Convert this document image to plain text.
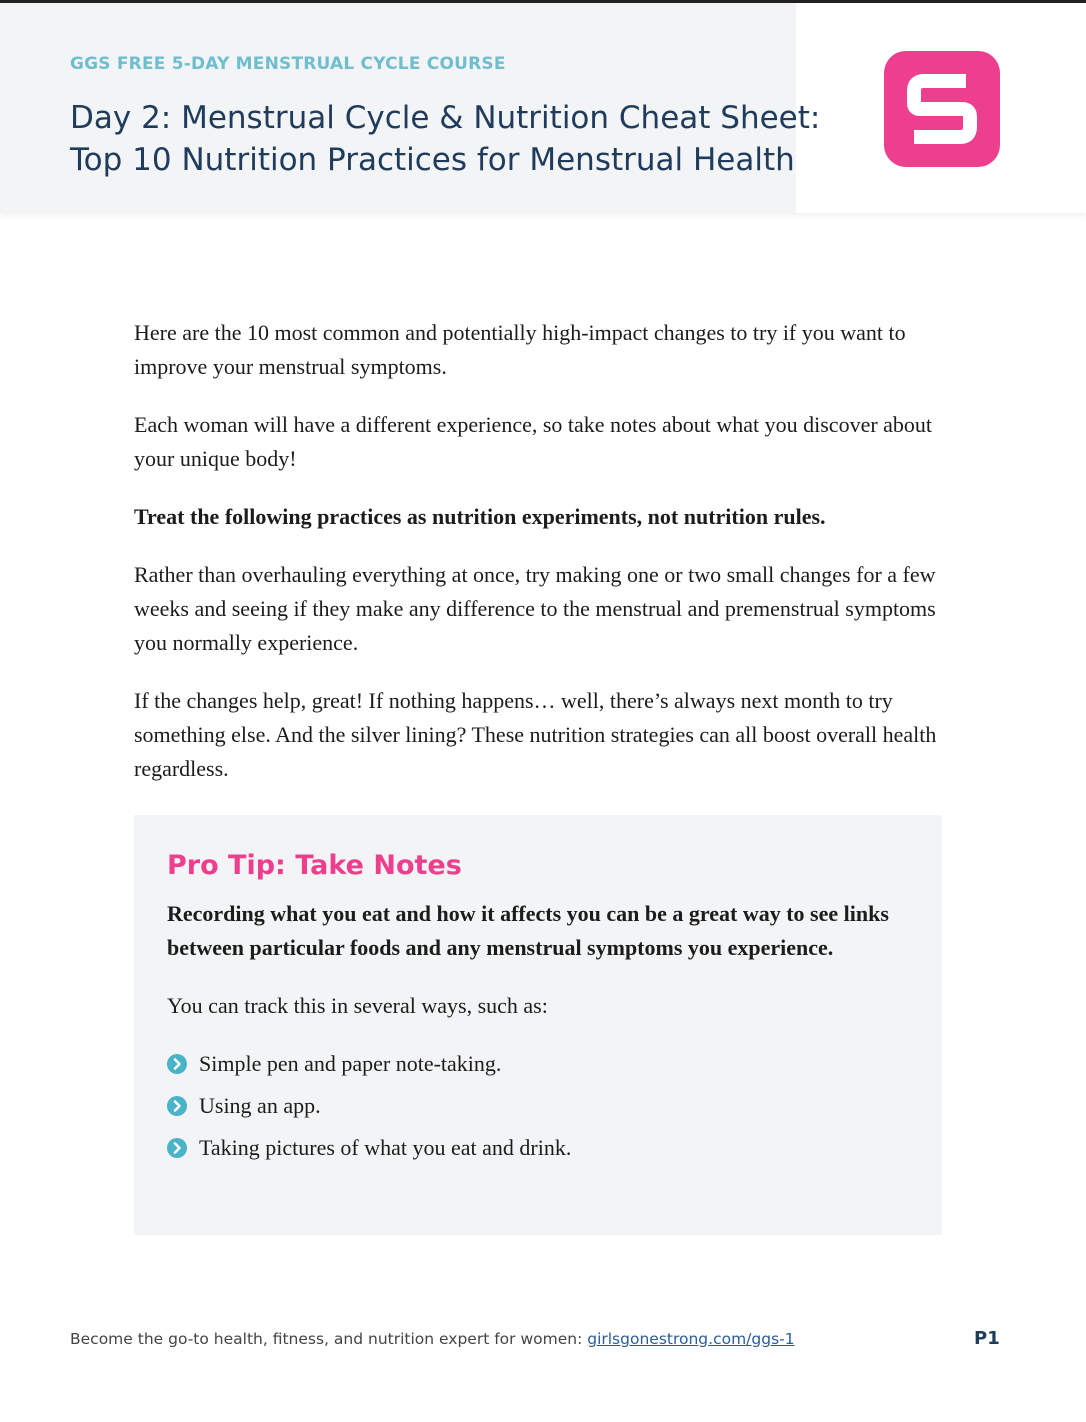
GGS FREE 5-DAY MENSTRUAL CYCLE COURSE
Day 2: Menstrual Cycle & Nutrition Cheat Sheet:
Top 10 Nutrition Practices for Menstrual Health

Here are the 10 most common and potentially high-impact changes to try if you want to improve your menstrual symptoms.

Each woman will have a different experience, so take notes about what you discover about your unique body!

Treat the following practices as nutrition experiments, not nutrition rules.

Rather than overhauling everything at once, try making one or two small changes for a few weeks and seeing if they make any difference to the menstrual and premenstrual symptoms you normally experience.

If the changes help, great! If nothing happens… well, there’s always next month to try something else. And the silver lining? These nutrition strategies can all boost overall health regardless.

Pro Tip: Take Notes
Recording what you eat and how it affects you can be a great way to see links between particular foods and any menstrual symptoms you experience.
You can track this in several ways, such as:
Simple pen and paper note-taking.
Using an app.
Taking pictures of what you eat and drink.
Become the go-to health, fitness, and nutrition expert for women: girlsgonestrong.com/ggs-1	P1
